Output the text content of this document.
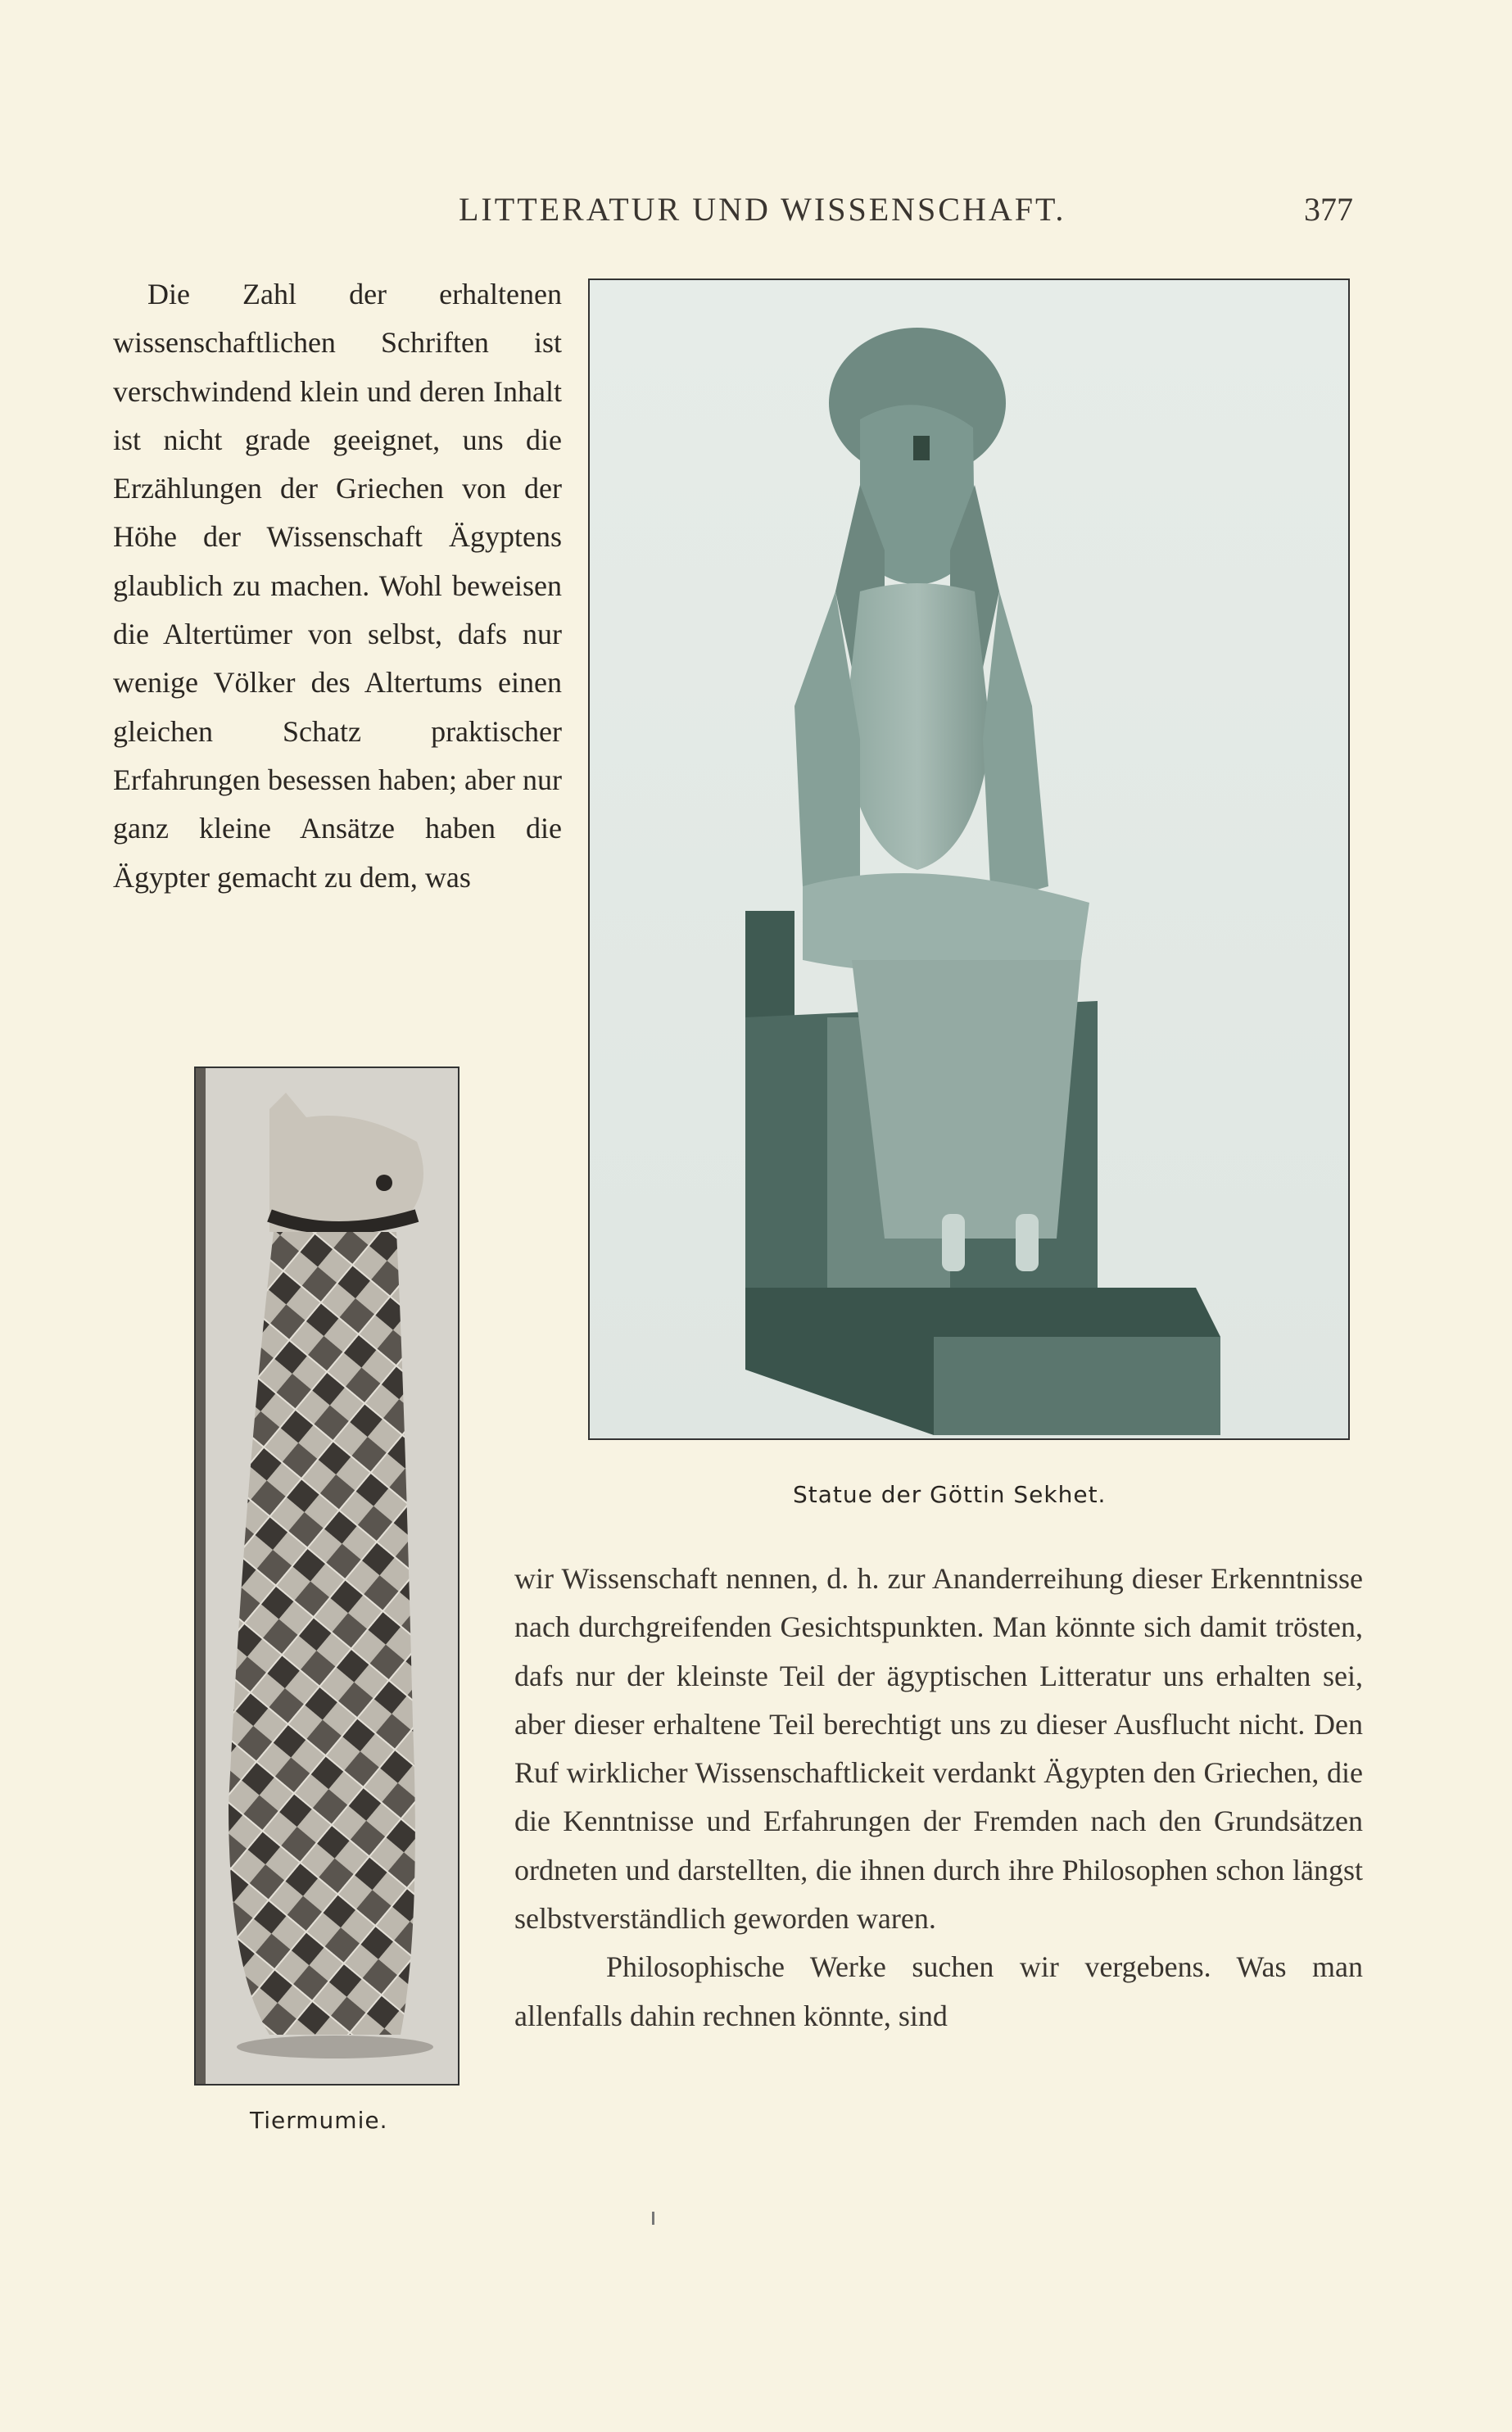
LITTERATUR UND WISSENSCHAFT.	377

Die Zahl der erhaltenen wissenschaftlichen Schriften ist verschwindend klein und deren Inhalt ist nicht grade geeignet, uns die Erzählungen der Griechen von der Höhe der Wissenschaft Ägyptens glaublich zu machen. Wohl beweisen die Altertümer von selbst, dafs nur wenige Völker des Altertums einen gleichen Schatz praktischer Erfahrungen besessen haben; aber nur ganz kleine Ansätze haben die Ägypter gemacht zu dem, was

Statue der Göttin Sekhet.
Tiermumie.

wir Wissenschaft nennen, d. h. zur Ananderreihung dieser Erkenntnisse nach durchgreifenden Gesichtspunkten. Man könnte sich damit trösten, dafs nur der kleinste Teil der ägyptischen Litteratur uns erhalten sei, aber dieser erhaltene Teil berechtigt uns zu dieser Ausflucht nicht. Den Ruf wirklicher Wissenschaftlickeit verdankt Ägypten den Griechen, die die Kenntnisse und Erfahrungen der Fremden nach den Grundsätzen ordneten und darstellten, die ihnen durch ihre Philosophen schon längst selbstverständlich geworden waren.

Philosophische Werke suchen wir vergebens. Was man allenfalls dahin rechnen könnte, sind
